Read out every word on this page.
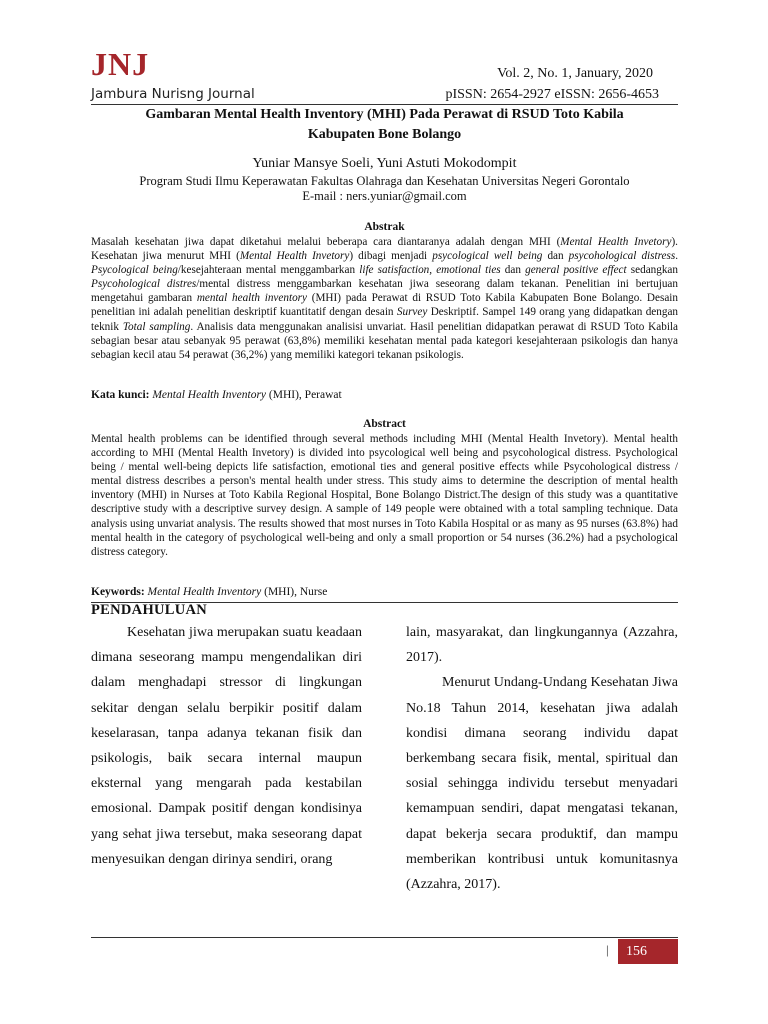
JNJ
Jambura Nurisng Journal
Vol. 2, No. 1, January, 2020
pISSN: 2654-2927 eISSN: 2656-4653
Gambaran Mental Health Inventory (MHI) Pada Perawat di RSUD Toto Kabila
Kabupaten Bone Bolango
Yuniar Mansye Soeli, Yuni Astuti Mokodompit
Program Studi Ilmu Keperawatan Fakultas Olahraga dan Kesehatan Universitas Negeri Gorontalo
E-mail : ners.yuniar@gmail.com
Abstrak

Masalah kesehatan jiwa dapat diketahui melalui beberapa cara diantaranya adalah dengan MHI (Mental Health Invetory). Kesehatan jiwa menurut MHI (Mental Health Invetory) dibagi menjadi psycological well being dan psycohological distress. Psycological being/kesejahteraan mental menggambarkan life satisfaction, emotional ties dan general positive effect sedangkan Psycohological distres/mental distress menggambarkan kesehatan jiwa seseorang dalam tekanan. Penelitian ini bertujuan mengetahui gambaran mental health inventory (MHI) pada Perawat di RSUD Toto Kabila Kabupaten Bone Bolango. Desain penelitian ini adalah penelitian deskriptif kuantitatif dengan desain Survey Deskriptif. Sampel 149 orang yang didapatkan dengan teknik Total sampling. Analisis data menggunakan analisisi unvariat. Hasil penelitian didapatkan perawat di RSUD Toto Kabila sebagian besar atau sebanyak 95 perawat (63,8%) memiliki kesehatan mental pada kategori kesejahteraan psikologis dan hanya sebagian kecil atau 54 perawat (36,2%) yang memiliki kategori tekanan psikologis.

Kata kunci: Mental Health Inventory (MHI), Perawat
Abstract

Mental health problems can be identified through several methods including MHI (Mental Health Invetory). Mental health according to MHI (Mental Health Invetory) is divided into psycological well being and psycohological distress. Psychological being / mental well-being depicts life satisfaction, emotional ties and general positive effects while Psycohological distress / mental distress describes a person's mental health under stress. This study aims to determine the description of mental health inventory (MHI) in Nurses at Toto Kabila Regional Hospital, Bone Bolango District.The design of this study was a quantitative descriptive study with a descriptive survey design. A sample of 149 people were obtained with a total sampling technique. Data analysis using unvariat analysis. The results showed that most nurses in Toto Kabila Hospital or as many as 95 nurses (63.8%) had mental health in the category of psychological well-being and only a small proportion or 54 nurses (36.2%) had a psychological distress category.

Keywords: Mental Health Inventory (MHI), Nurse
PENDAHULUAN

Kesehatan jiwa merupakan suatu keadaan dimana seseorang mampu mengendalikan diri dalam menghadapi stressor di lingkungan sekitar dengan selalu berpikir positif dalam keselarasan, tanpa adanya tekanan fisik dan psikologis, baik secara internal maupun eksternal yang mengarah pada kestabilan emosional. Dampak positif dengan kondisinya yang sehat jiwa tersebut, maka seseorang dapat menyesuikan dengan dirinya sendiri, orang

lain, masyarakat, dan lingkungannya (Azzahra, 2017).

Menurut Undang-Undang Kesehatan Jiwa No.18 Tahun 2014, kesehatan jiwa adalah kondisi dimana seorang individu dapat berkembang secara fisik, mental, spiritual dan sosial sehingga individu tersebut menyadari kemampuan sendiri, dapat mengatasi tekanan, dapat bekerja secara produktif, dan mampu memberikan kontribusi untuk komunitasnya (Azzahra, 2017).

|	156
